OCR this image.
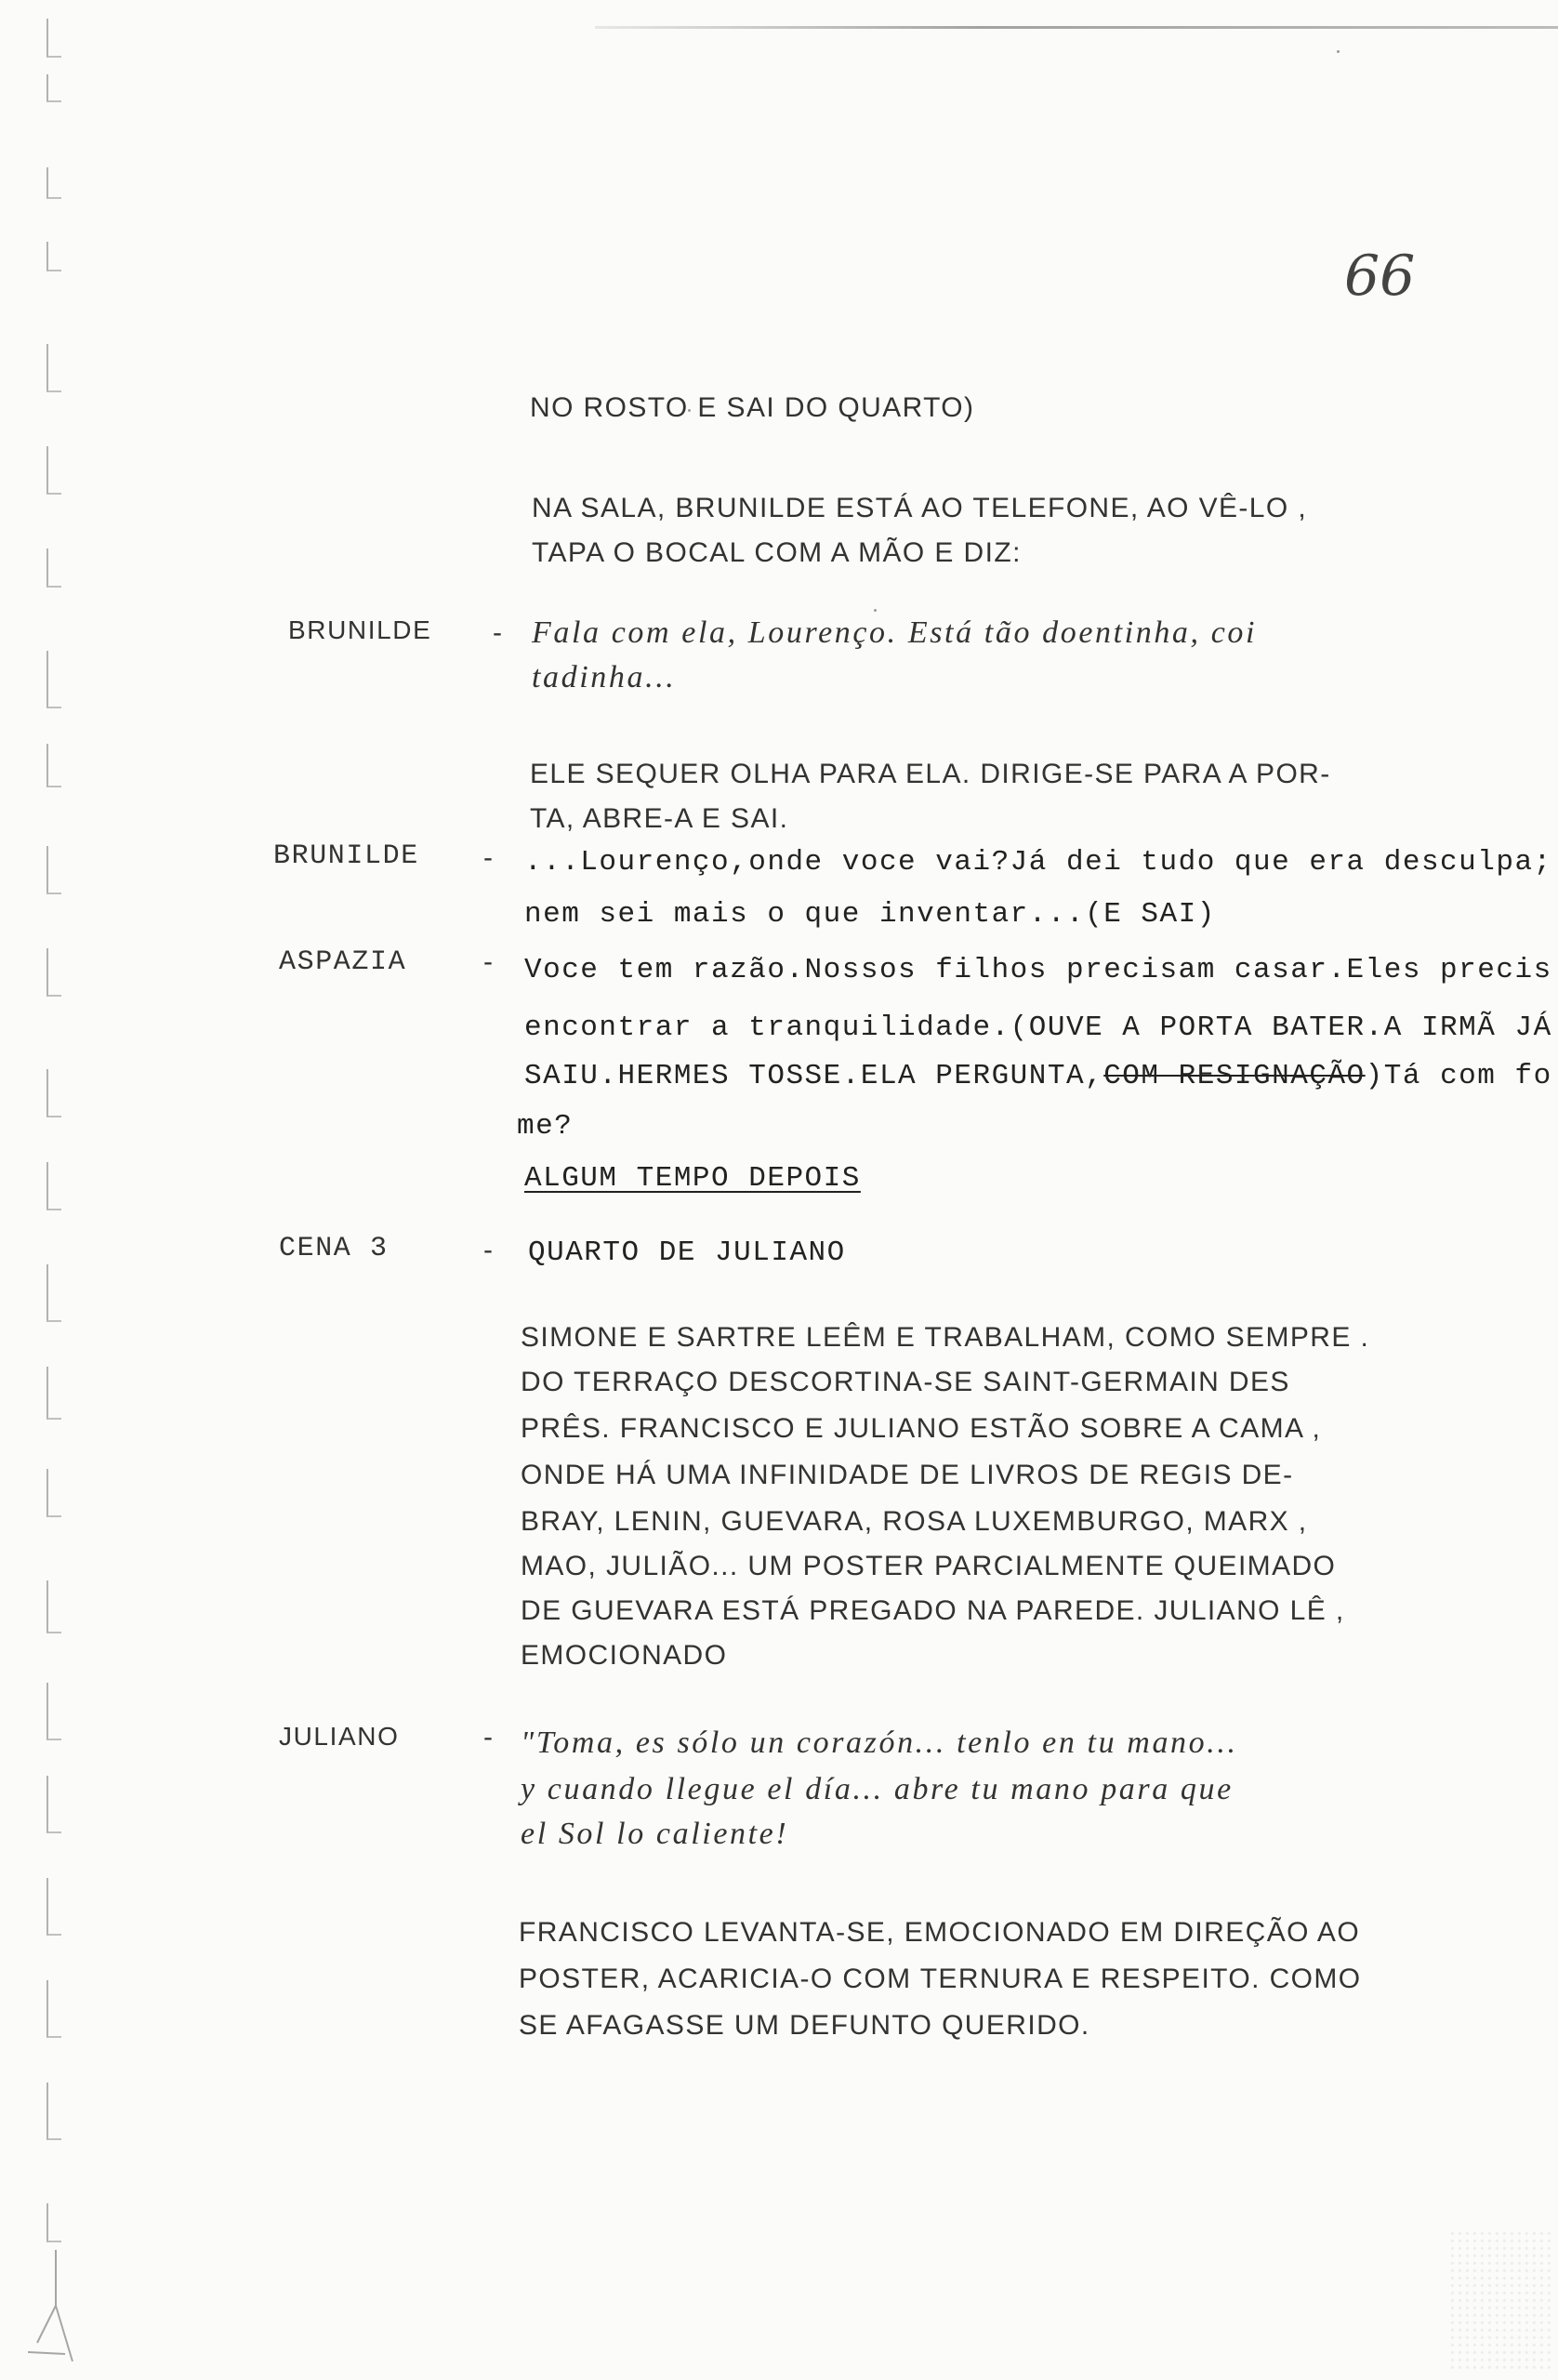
66
NO ROSTO E SAI DO QUARTO)
NA SALA, BRUNILDE ESTÁ AO TELEFONE, AO VÊ-LO ,
TAPA O BOCAL COM A MÃO E DIZ:
BRUNILDE - Fala com ela, Lourenço. Está tão doentinha, coi
tadinha...
ELE SEQUER OLHA PARA ELA. DIRIGE-SE PARA A POR-
TA, ABRE-A E SAI.
BRUNILDE - ...Lourenço,onde voce vai?Já dei tudo que era desculpa;
nem sei mais o que inventar...(E SAI)
ASPAZIA	- Voce tem razão.Nossos filhos precisam casar.Eles precis
encontrar a tranquilidade.(OUVE A PORTA BATER.A IRMÃ JÁ
SAIU.HERMES TOSSE.ELA PERGUNTA,COM RESIGNAÇÃO)Tá com fo
me?
ALGUM TEMPO DEPOIS
CENA 3	- QUARTO DE JULIANO
SIMONE E SARTRE LEÊM E TRABALHAM, COMO SEMPRE .
DO TERRAÇO DESCORTINA-SE SAINT-GERMAIN DES
PRÊS. FRANCISCO E JULIANO ESTÃO SOBRE A CAMA ,
ONDE HÁ UMA INFINIDADE DE LIVROS DE REGIS DE-
BRAY, LENIN, GUEVARA, ROSA LUXEMBURGO, MARX ,
MAO, JULIÃO... UM POSTER PARCIALMENTE QUEIMADO
DE GUEVARA ESTÁ PREGADO NA PAREDE. JULIANO LÊ ,
EMOCIONADO
JULIANO	- "Toma, es sólo un corazón... tenlo en tu mano...
y cuando llegue el día... abre tu mano para que
el Sol lo caliente!
FRANCISCO LEVANTA-SE, EMOCIONADO EM DIREÇÃO AO
POSTER, ACARICIA-O COM TERNURA E RESPEITO. COMO
SE AFAGASSE UM DEFUNTO QUERIDO.
